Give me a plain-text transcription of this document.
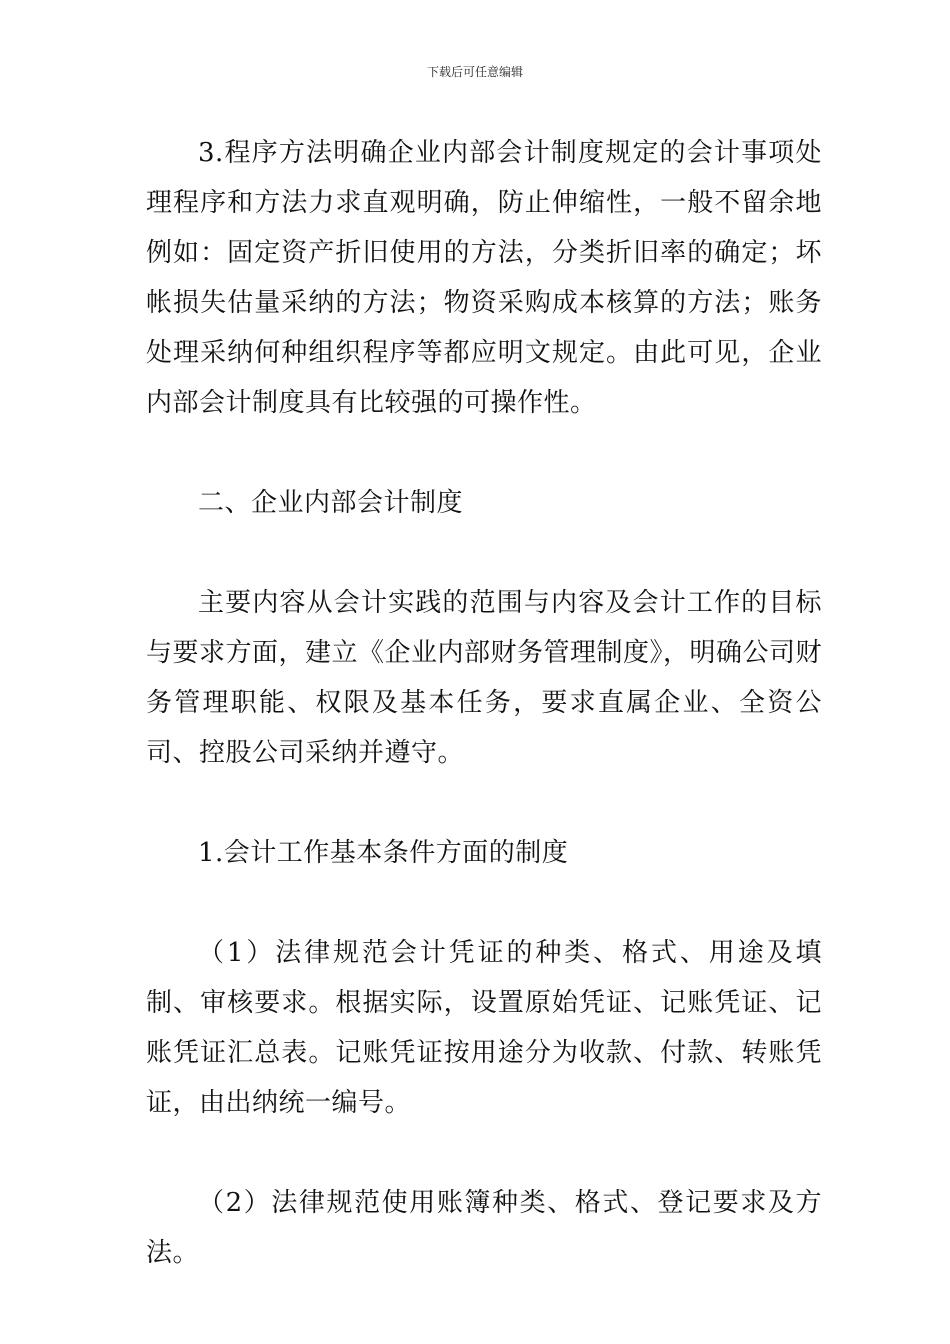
下载后可任意编辑

3.程序方法明确企业内部会计制度规定的会计事项处理程序和方法力求直观明确，防止伸缩性，一般不留余地例如：固定资产折旧使用的方法，分类折旧率的确定；坏帐损失估量采纳的方法；物资采购成本核算的方法；账务处理采纳何种组织程序等都应明文规定。由此可见，企业内部会计制度具有比较强的可操作性。

二、企业内部会计制度

主要内容从会计实践的范围与内容及会计工作的目标与要求方面，建立《企业内部财务管理制度》，明确公司财务管理职能、权限及基本任务，要求直属企业、全资公司、控股公司采纳并遵守。

1.会计工作基本条件方面的制度

（1）法律规范会计凭证的种类、格式、用途及填制、审核要求。根据实际，设置原始凭证、记账凭证、记账凭证汇总表。记账凭证按用途分为收款、付款、转账凭证，由出纳统一编号。

（2）法律规范使用账簿种类、格式、登记要求及方法。
